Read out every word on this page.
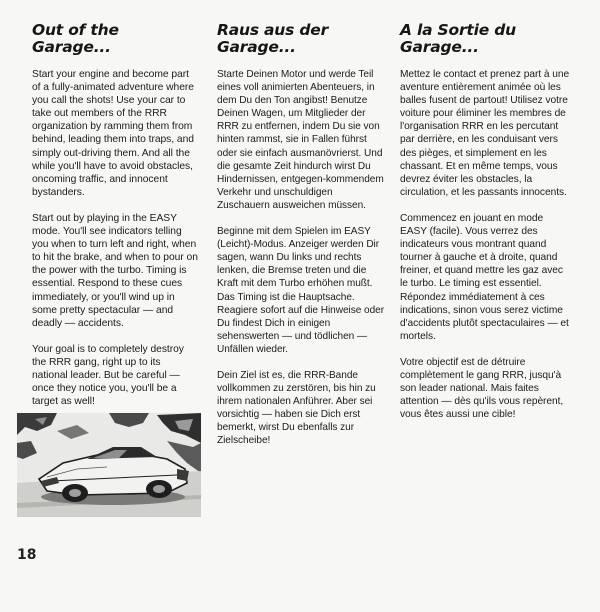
Out of the Garage...

Start your engine and become part of a fully-animated adventure where you call the shots! Use your car to take out members of the RRR organization by ramming them from behind, leading them into traps, and simply out-driving them. And all the while you'll have to avoid obstacles, oncoming traffic, and innocent bystanders.

Start out by playing in the EASY mode. You'll see indicators telling you when to turn left and right, when to hit the brake, and when to pour on the power with the turbo. Timing is essential. Respond to these cues immediately, or you'll wind up in some pretty spectacular — and deadly — accidents.

Your goal is to completely destroy the RRR gang, right up to its national leader. But be careful — once they notice you, you'll be a target as well!

Raus aus der Garage...

Starte Deinen Motor und werde Teil eines voll animierten Abenteuers, in dem Du den Ton angibst! Benutze Deinen Wagen, um Mitglieder der RRR zu entfernen, indem Du sie von hinten rammst, sie in Fallen führst oder sie einfach ausmanövrierst. Und die gesamte Zeit hindurch wirst Du Hindernissen, entgegen-kommendem Verkehr und unschuldigen Zuschauern ausweichen müssen.

Beginne mit dem Spielen im EASY (Leicht)-Modus. Anzeiger werden Dir sagen, wann Du links und rechts lenken, die Bremse treten und die Kraft mit dem Turbo erhöhen mußt. Das Timing ist die Hauptsache. Reagiere sofort auf die Hinweise oder Du findest Dich in einigen sehenswerten — und tödlichen — Unfällen wieder.

Dein Ziel ist es, die RRR-Bande vollkommen zu zerstören, bis hin zu ihrem nationalen Anführer. Aber sei vorsichtig — haben sie Dich erst bemerkt, wirst Du ebenfalls zur Zielscheibe!

A la Sortie du Garage...

Mettez le contact et prenez part à une aventure entièrement animée où les balles fusent de partout! Utilisez votre voiture pour éliminer les membres de l'organisation RRR en les percutant par derrière, en les conduisant vers des pièges, et simplement en les chassant. Et en même temps, vous devrez éviter les obstacles, la circulation, et les passants innocents.

Commencez en jouant en mode EASY (facile). Vous verrez des indicateurs vous montrant quand tourner à gauche et à droite, quand freiner, et quand mettre les gaz avec le turbo. Le timing est essentiel. Répondez immédiatement à ces indications, sinon vous serez victime d'accidents plutôt spectaculaires — et mortels.

Votre objectif est de détruire complètement le gang RRR, jusqu'à son leader national. Mais faites attention — dès qu'ils vous repèrent, vous êtes aussi une cible!

18
